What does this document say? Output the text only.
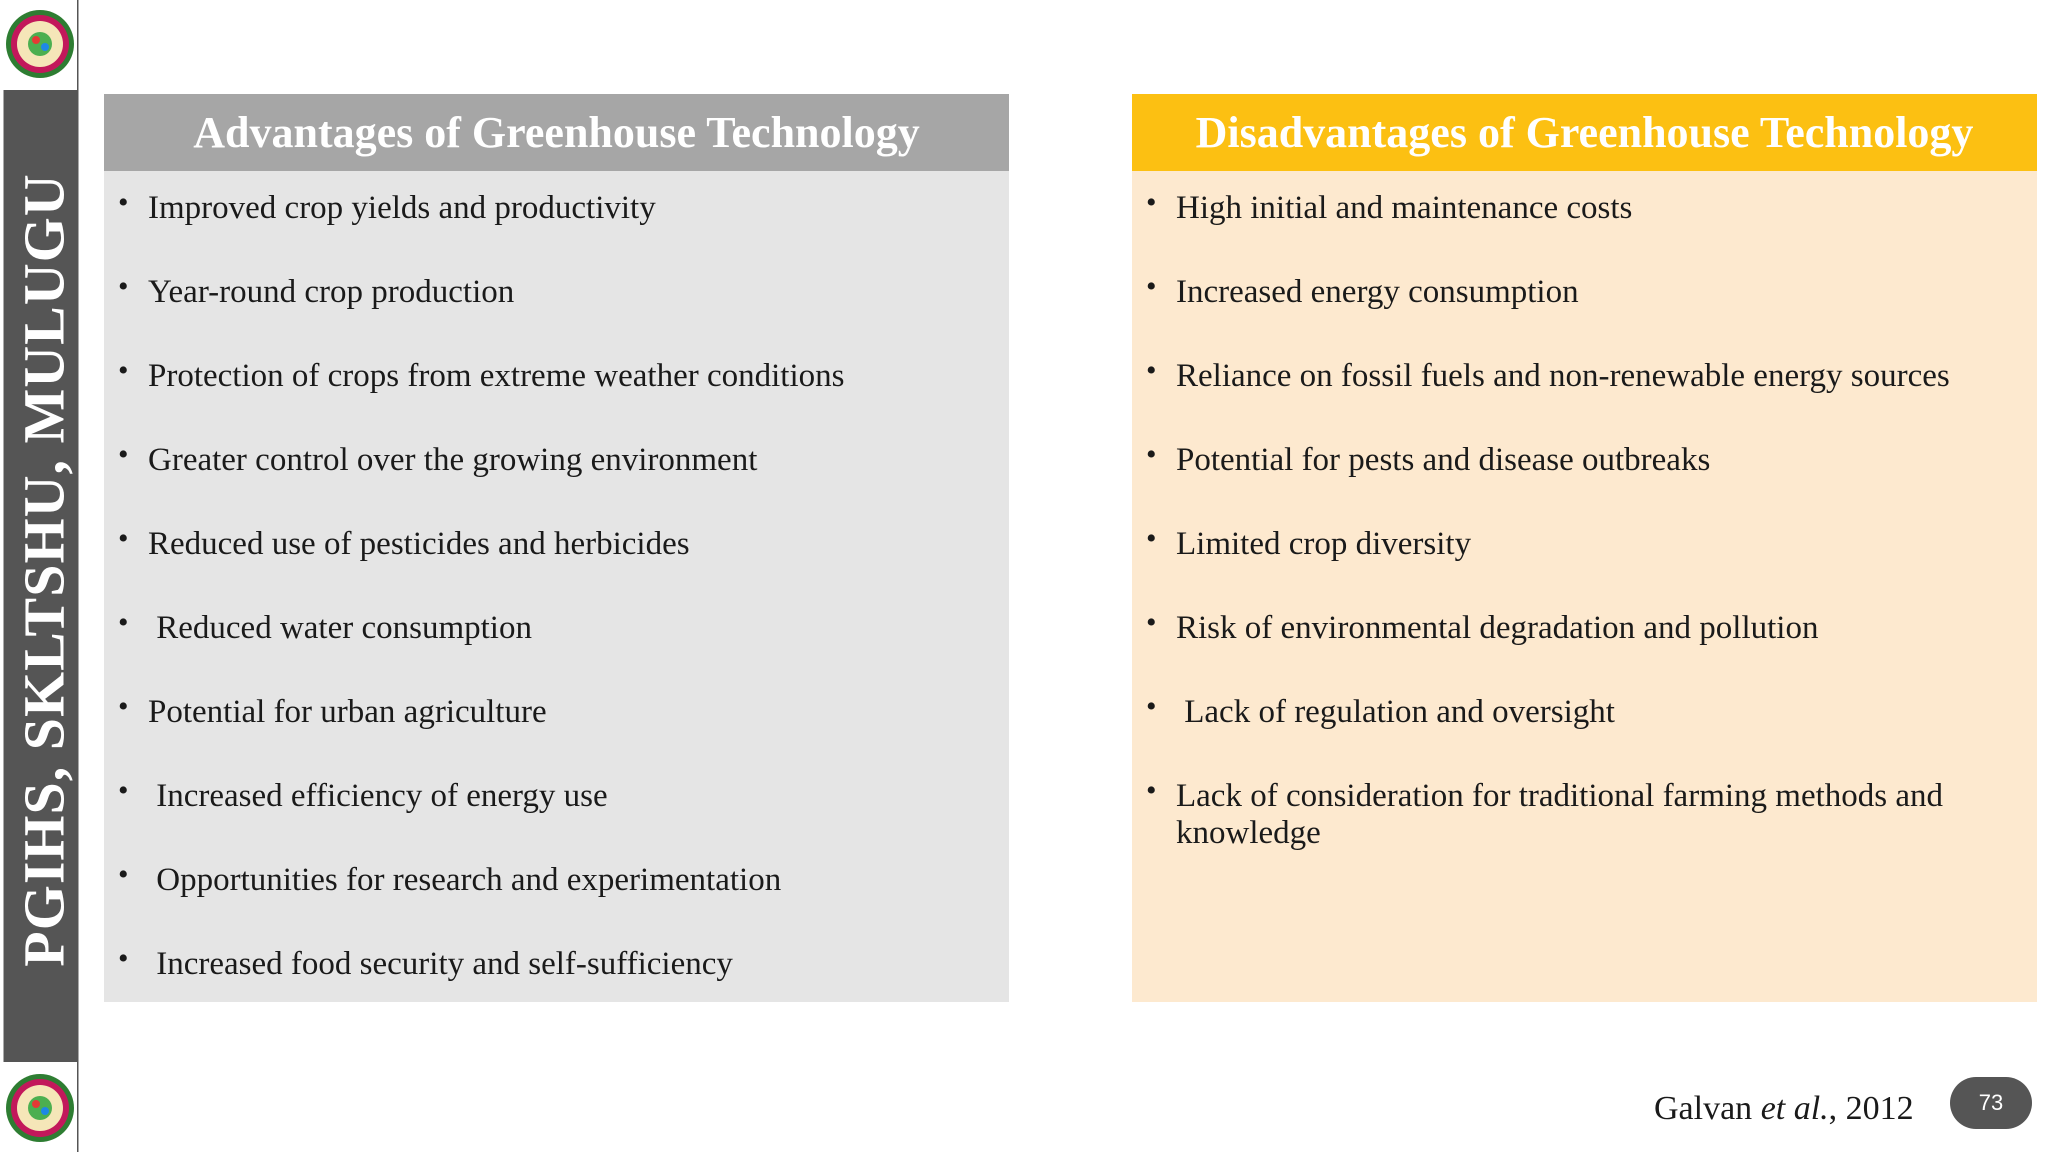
PGIHS, SKLTSHU, MULUGU
Advantages of Greenhouse Technology
• Improved crop yields and productivity
• Year-round crop production
• Protection of crops from extreme weather conditions
• Greater control over the growing environment
• Reduced use of pesticides and herbicides
• Reduced water consumption
• Potential for urban agriculture
• Increased efficiency of energy use
• Opportunities for research and experimentation
• Increased food security and self-sufficiency
Disadvantages of Greenhouse Technology
• High initial and maintenance costs
• Increased energy consumption
• Reliance on fossil fuels and non-renewable energy sources
• Potential for pests and disease outbreaks
• Limited crop diversity
• Risk of environmental degradation and pollution
• Lack of regulation and oversight
• Lack of consideration for traditional farming methods and knowledge
Galvan et al., 2012	73
